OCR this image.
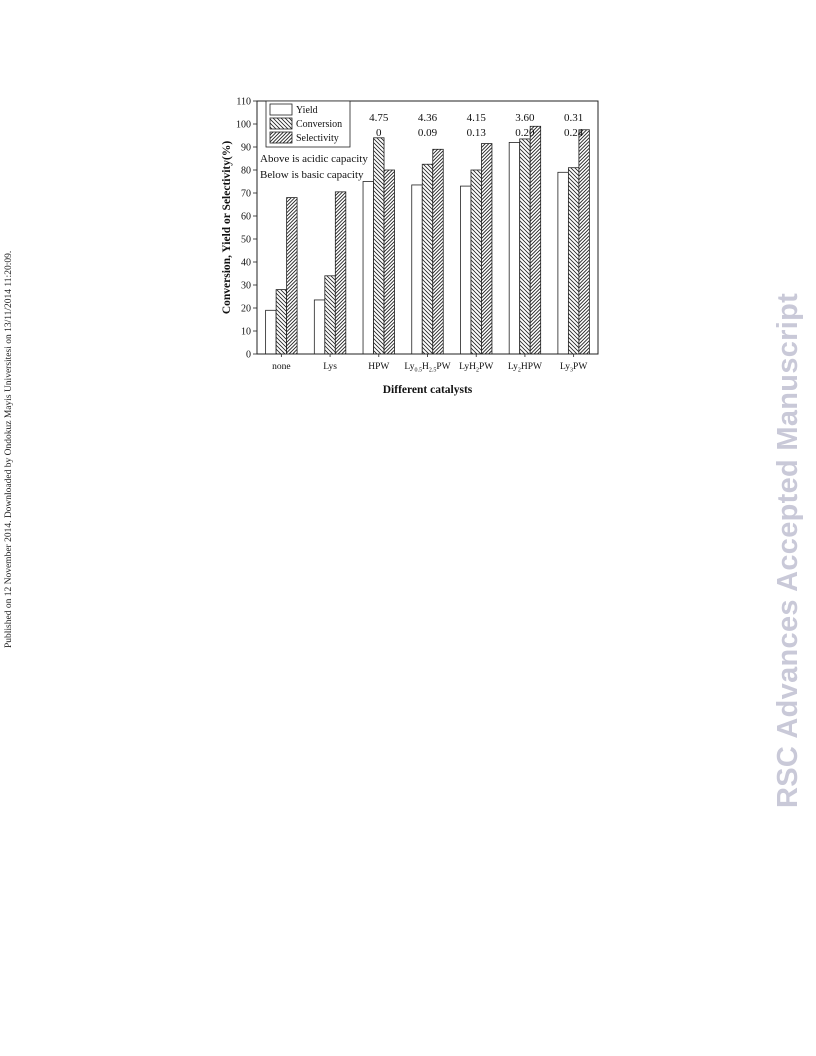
Published on 12 November 2014. Downloaded by Ondokuz Mayis Universitesi on 13/11/2014 11:20:09.	RSC Advances Accepted Manuscript
0
10
20
30
40
50
60
70
80
90
100
110
none	Lys	HPW $Ly_{0.5}H_{2.5}PW$ LyH$_2$PW $Ly_2HPW$ $Ly_3PW$
Different catalysts
Conversion, Yield or Selectivity(%)
4.75
0
4.36
0.09
4.15
0.13
3.60
0.20
0.31
0.24
Above is acidic capacity
Below is basic capacity
Yield
Conversion
Selectivity
